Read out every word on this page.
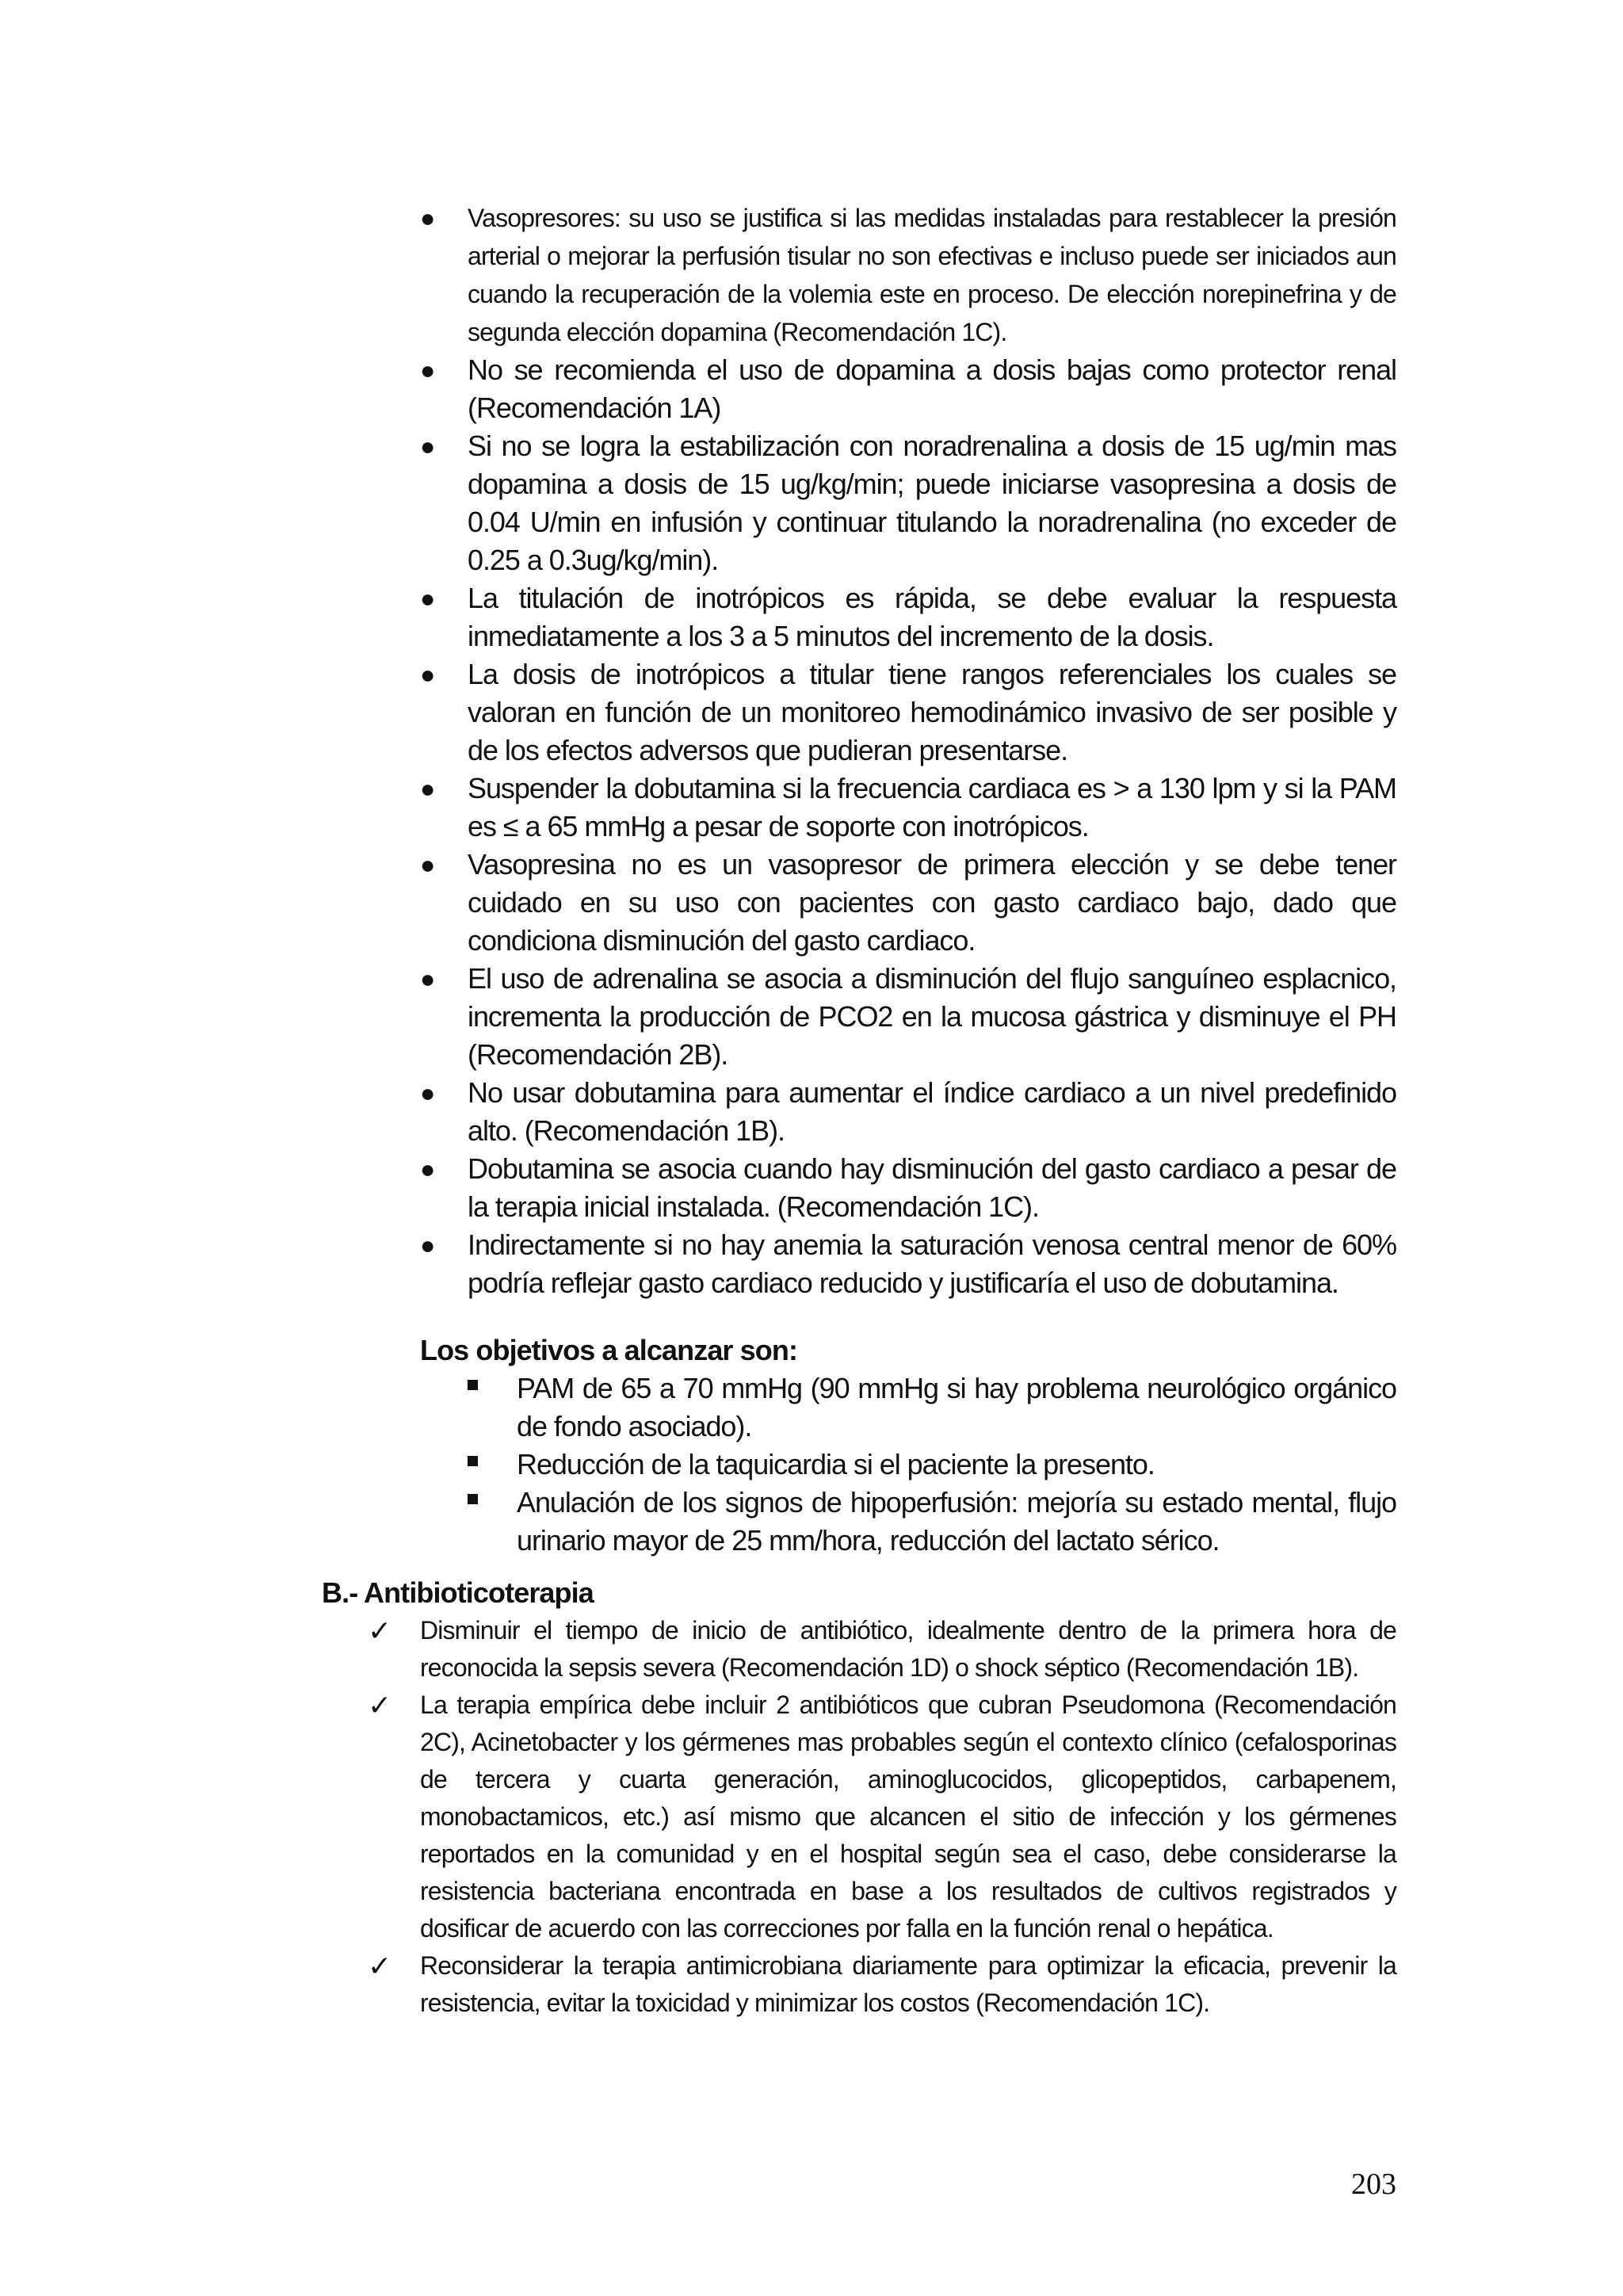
● Vasopresores: su uso se justifica si las medidas instaladas para restablecer la presión arterial o mejorar la perfusión tisular no son efectivas e incluso puede ser iniciados aun cuando la recuperación de la volemia este en proceso. De elección norepinefrina y de segunda elección dopamina (Recomendación 1C).
● No se recomienda el uso de dopamina a dosis bajas como protector renal (Recomendación 1A)
● Si no se logra la estabilización con noradrenalina a dosis de 15 ug/min mas dopamina a dosis de 15 ug/kg/min; puede iniciarse vasopresina a dosis de 0.04 U/min en infusión y continuar titulando la noradrenalina (no exceder de 0.25 a 0.3ug/kg/min).
● La titulación de inotrópicos es rápida, se debe evaluar la respuesta inmediatamente a los 3 a 5 minutos del incremento de la dosis.
● La dosis de inotrópicos a titular tiene rangos referenciales los cuales se valoran en función de un monitoreo hemodinámico invasivo de ser posible y de los efectos adversos que pudieran presentarse.
● Suspender la dobutamina si la frecuencia cardiaca es > a 130 lpm y si la PAM es ≤ a 65 mmHg a pesar de soporte con inotrópicos.
● Vasopresina no es un vasopresor de primera elección y se debe tener cuidado en su uso con pacientes con gasto cardiaco bajo, dado que condiciona disminución del gasto cardiaco.
● El uso de adrenalina se asocia a disminución del flujo sanguíneo esplacnico, incrementa la producción de PCO2 en la mucosa gástrica y disminuye el PH (Recomendación 2B).
● No usar dobutamina para aumentar el índice cardiaco a un nivel predefinido alto. (Recomendación 1B).
● Dobutamina se asocia cuando hay disminución del gasto cardiaco a pesar de la terapia inicial instalada. (Recomendación 1C).
● Indirectamente si no hay anemia la saturación venosa central menor de 60% podría reflejar gasto cardiaco reducido y justificaría el uso de dobutamina.
Los objetivos a alcanzar son:
PAM de 65 a 70 mmHg (90 mmHg si hay problema neurológico orgánico de fondo asociado).
Reducción de la taquicardia si el paciente la presento.
Anulación de los signos de hipoperfusión: mejoría su estado mental, flujo urinario mayor de 25 mm/hora, reducción del lactato sérico.
B.- Antibioticoterapia
✓ Disminuir el tiempo de inicio de antibiótico, idealmente dentro de la primera hora de reconocida la sepsis severa (Recomendación 1D) o shock séptico (Recomendación 1B).
✓ La terapia empírica debe incluir 2 antibióticos que cubran Pseudomona (Recomendación 2C), Acinetobacter y los gérmenes mas probables según el contexto clínico (cefalosporinas de tercera y cuarta generación, aminoglucocidos, glicopeptidos, carbapenem, monobactamicos, etc.) así mismo que alcancen el sitio de infección y los gérmenes reportados en la comunidad y en el hospital según sea el caso, debe considerarse la resistencia bacteriana encontrada en base a los resultados de cultivos registrados y dosificar de acuerdo con las correcciones por falla en la función renal o hepática.
✓ Reconsiderar la terapia antimicrobiana diariamente para optimizar la eficacia, prevenir la resistencia, evitar la toxicidad y minimizar los costos (Recomendación 1C).
203
